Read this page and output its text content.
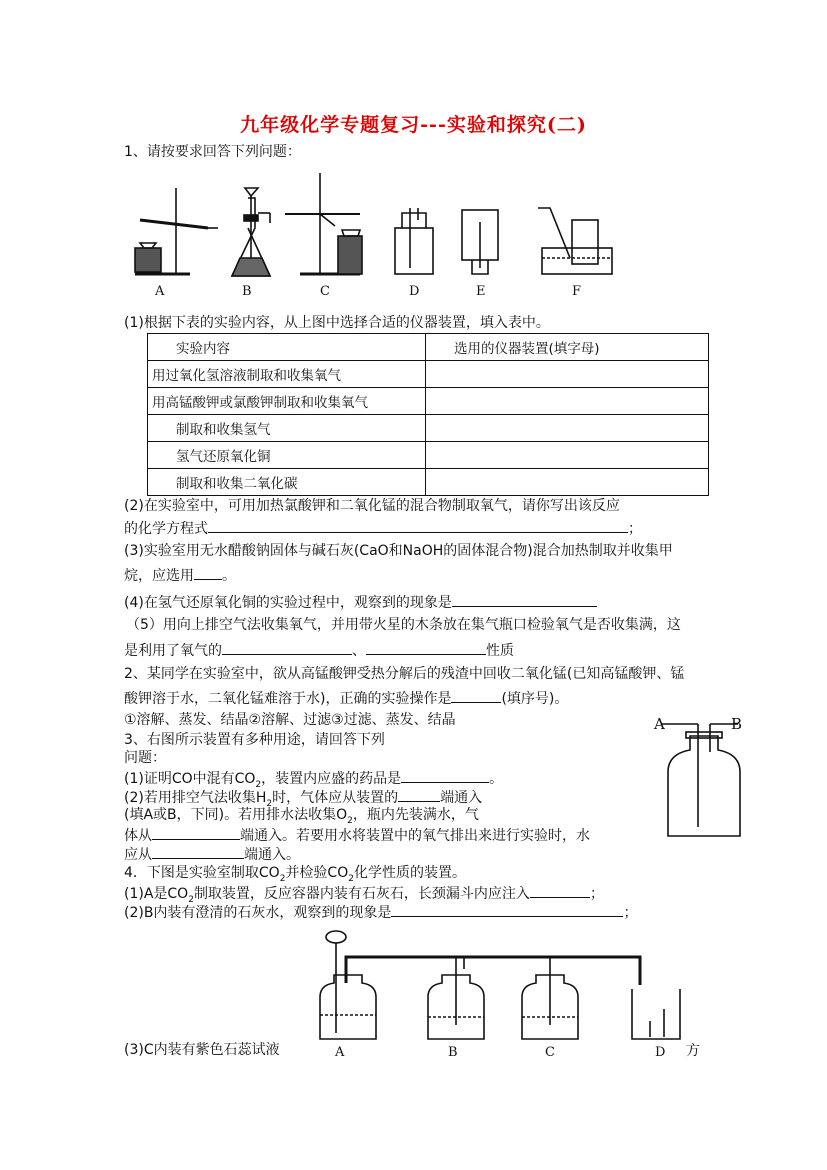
九年级化学专题复习---实验和探究(二)
1、请按要求回答下列问题：
A	B	C	D	E	F
(1)根据下表的实验内容，从上图中选择合适的仪器装置，填入表中。
实验内容	选用的仪器装置(填字母)
用过氧化氢溶液制取和收集氧气	
用高锰酸钾或氯酸钾制取和收集氧气	
制取和收集氢气	
氢气还原氧化铜	
制取和收集二氧化碳	
(2)在实验室中，可用加热氯酸钾和二氧化锰的混合物制取氧气，请你写出该反应
的化学方程式	；
(3)实验室用无水醋酸钠固体与碱石灰(CaO和NaOH的固体混合物)混合加热制取并收集甲
烷，应选用 。
(4)在氢气还原氧化铜的实验过程中，观察到的现象是
（5）用向上排空气法收集氧气，并用带火星的木条放在集气瓶口检验氧气是否收集满，这
是利用了氧气的	、	性质
2、某同学在实验室中，欲从高锰酸钾受热分解后的残渣中回收二氧化锰(已知高锰酸钾、锰
酸钾溶于水，二氧化锰难溶于水)，正确的实验操作是	(填序号)。
①溶解、蒸发、结晶②溶解、过滤③过滤、蒸发、结晶
3、右图所示装置有多种用途，请回答下列
问题：
(1)证明CO中混有$CO_2$，装置内应盛的药品是	。
(2)若用排空气法收集$H_2$时，气体应从装置的	端通入
(填A或B，下同)。若用排水法收集$O_2$，瓶内先装满水，气
体从	端通入。若要用水将装置中的氧气排出来进行实验时，水
应从	端通入。
A	B
4．下图是实验室制取$CO_2$并检验$CO_2$化学性质的装置。
(1)A是$CO_2$制取装置，反应容器内装有石灰石，长颈漏斗内应注入	；
(2)B内装有澄清的石灰水，观察到的现象是	；
(3)C内装有紫色石蕊试液	方
A	B	C	D
